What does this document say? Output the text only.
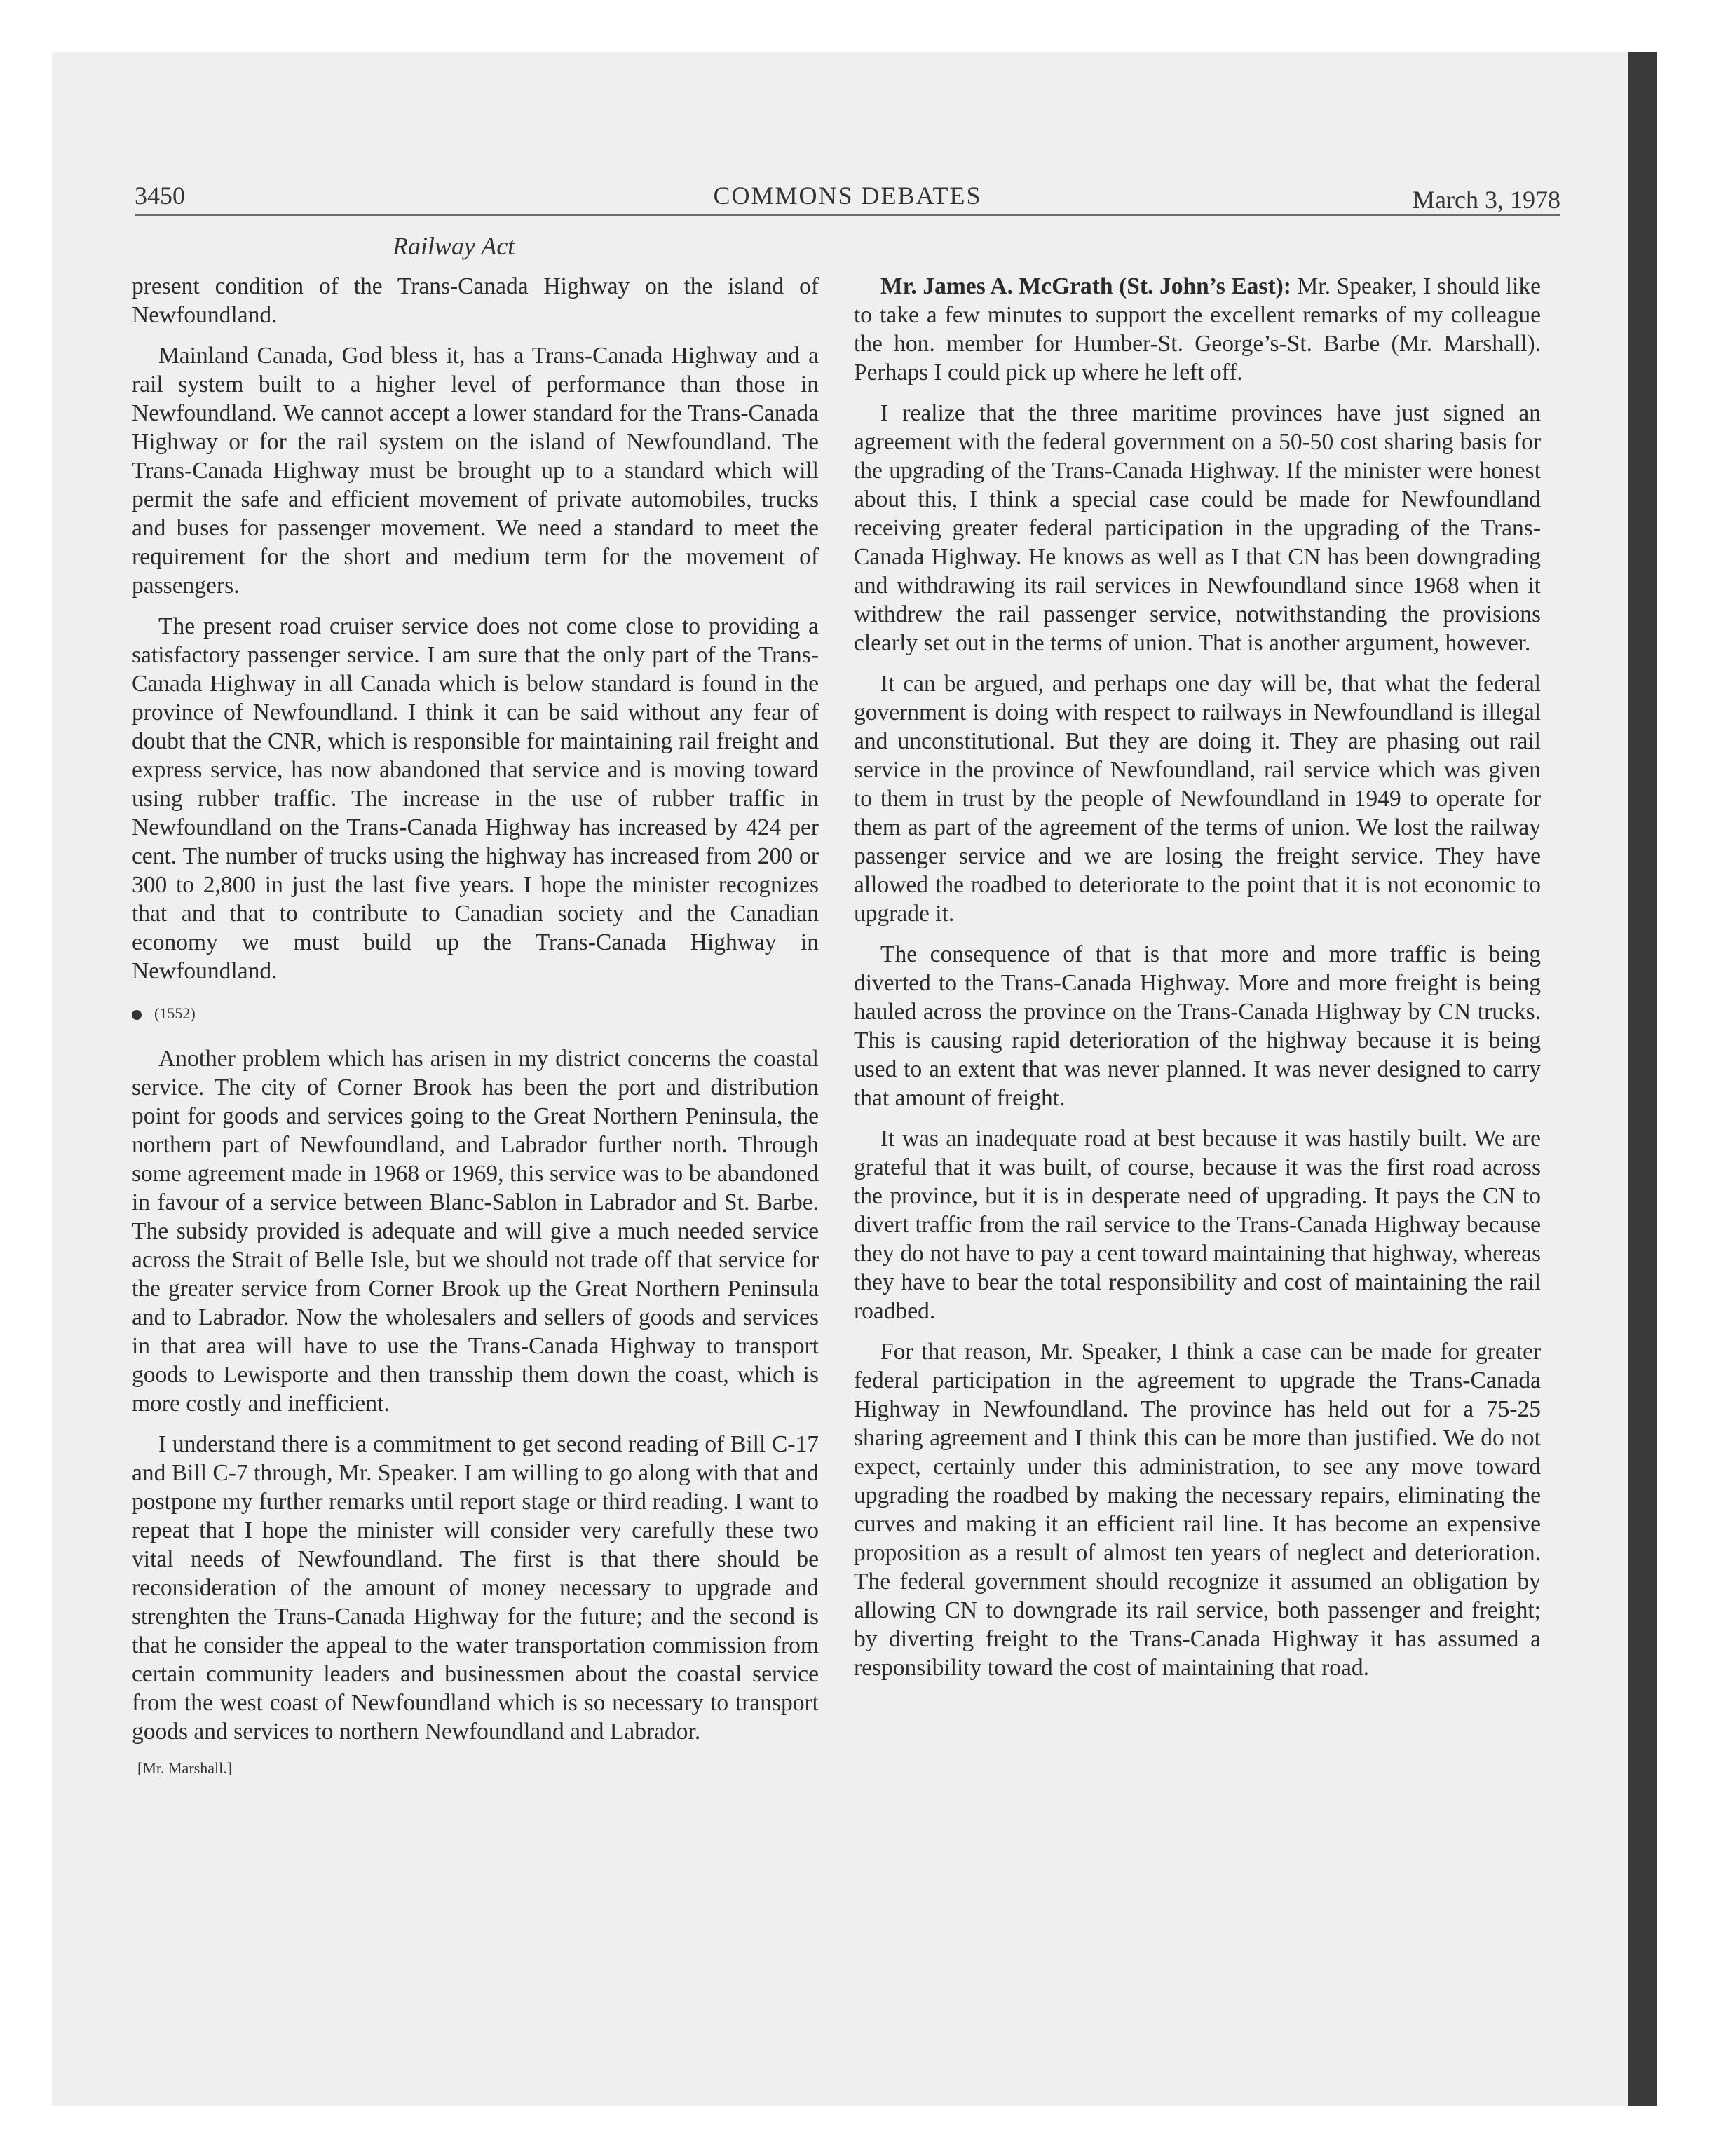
3450	COMMONS DEBATES	March 3, 1978
Railway Act

present condition of the Trans-Canada Highway on the island of Newfoundland.

Mainland Canada, God bless it, has a Trans-Canada Highway and a rail system built to a higher level of performance than those in Newfoundland. We cannot accept a lower standard for the Trans-Canada Highway or for the rail system on the island of Newfoundland. The Trans-Canada Highway must be brought up to a standard which will permit the safe and efficient movement of private automobiles, trucks and buses for passenger movement. We need a standard to meet the requirement for the short and medium term for the movement of passengers.

The present road cruiser service does not come close to providing a satisfactory passenger service. I am sure that the only part of the Trans-Canada Highway in all Canada which is below standard is found in the province of Newfoundland. I think it can be said without any fear of doubt that the CNR, which is responsible for maintaining rail freight and express service, has now abandoned that service and is moving toward using rubber traffic. The increase in the use of rubber traffic in Newfoundland on the Trans-Canada Highway has increased by 424 per cent. The number of trucks using the highway has increased from 200 or 300 to 2,800 in just the last five years. I hope the minister recognizes that and that to contribute to Canadian society and the Canadian economy we must build up the Trans-Canada Highway in Newfoundland.

(1552)

Another problem which has arisen in my district concerns the coastal service. The city of Corner Brook has been the port and distribution point for goods and services going to the Great Northern Peninsula, the northern part of Newfoundland, and Labrador further north. Through some agreement made in 1968 or 1969, this service was to be abandoned in favour of a service between Blanc-Sablon in Labrador and St. Barbe. The subsidy provided is adequate and will give a much needed service across the Strait of Belle Isle, but we should not trade off that service for the greater service from Corner Brook up the Great Northern Peninsula and to Labrador. Now the wholesalers and sellers of goods and services in that area will have to use the Trans-Canada Highway to transport goods to Lewisporte and then transship them down the coast, which is more costly and inefficient.

I understand there is a commitment to get second reading of Bill C-17 and Bill C-7 through, Mr. Speaker. I am willing to go along with that and postpone my further remarks until report stage or third reading. I want to repeat that I hope the minister will consider very carefully these two vital needs of Newfoundland. The first is that there should be reconsideration of the amount of money necessary to upgrade and strenghten the Trans-Canada Highway for the future; and the second is that he consider the appeal to the water transportation commission from certain community leaders and businessmen about the coastal service from the west coast of Newfoundland which is so necessary to transport goods and services to northern Newfoundland and Labrador.

[Mr. Marshall.]

Mr. James A. McGrath (St. John’s East): Mr. Speaker, I should like to take a few minutes to support the excellent remarks of my colleague the hon. member for Humber-St. George’s-St. Barbe (Mr. Marshall). Perhaps I could pick up where he left off.

I realize that the three maritime provinces have just signed an agreement with the federal government on a 50-50 cost sharing basis for the upgrading of the Trans-Canada Highway. If the minister were honest about this, I think a special case could be made for Newfoundland receiving greater federal participation in the upgrading of the Trans-Canada Highway. He knows as well as I that CN has been downgrading and withdrawing its rail services in Newfoundland since 1968 when it withdrew the rail passenger service, notwithstanding the provisions clearly set out in the terms of union. That is another argument, however.

It can be argued, and perhaps one day will be, that what the federal government is doing with respect to railways in Newfoundland is illegal and unconstitutional. But they are doing it. They are phasing out rail service in the province of Newfoundland, rail service which was given to them in trust by the people of Newfoundland in 1949 to operate for them as part of the agreement of the terms of union. We lost the railway passenger service and we are losing the freight service. They have allowed the roadbed to deteriorate to the point that it is not economic to upgrade it.

The consequence of that is that more and more traffic is being diverted to the Trans-Canada Highway. More and more freight is being hauled across the province on the Trans-Canada Highway by CN trucks. This is causing rapid deterioration of the highway because it is being used to an extent that was never planned. It was never designed to carry that amount of freight.

It was an inadequate road at best because it was hastily built. We are grateful that it was built, of course, because it was the first road across the province, but it is in desperate need of upgrading. It pays the CN to divert traffic from the rail service to the Trans-Canada Highway because they do not have to pay a cent toward maintaining that highway, whereas they have to bear the total responsibility and cost of maintaining the rail roadbed.

For that reason, Mr. Speaker, I think a case can be made for greater federal participation in the agreement to upgrade the Trans-Canada Highway in Newfoundland. The province has held out for a 75-25 sharing agreement and I think this can be more than justified. We do not expect, certainly under this administration, to see any move toward upgrading the roadbed by making the necessary repairs, eliminating the curves and making it an efficient rail line. It has become an expensive proposition as a result of almost ten years of neglect and deterioration. The federal government should recognize it assumed an obligation by allowing CN to downgrade its rail service, both passenger and freight; by diverting freight to the Trans-Canada Highway it has assumed a responsibility toward the cost of maintaining that road.
